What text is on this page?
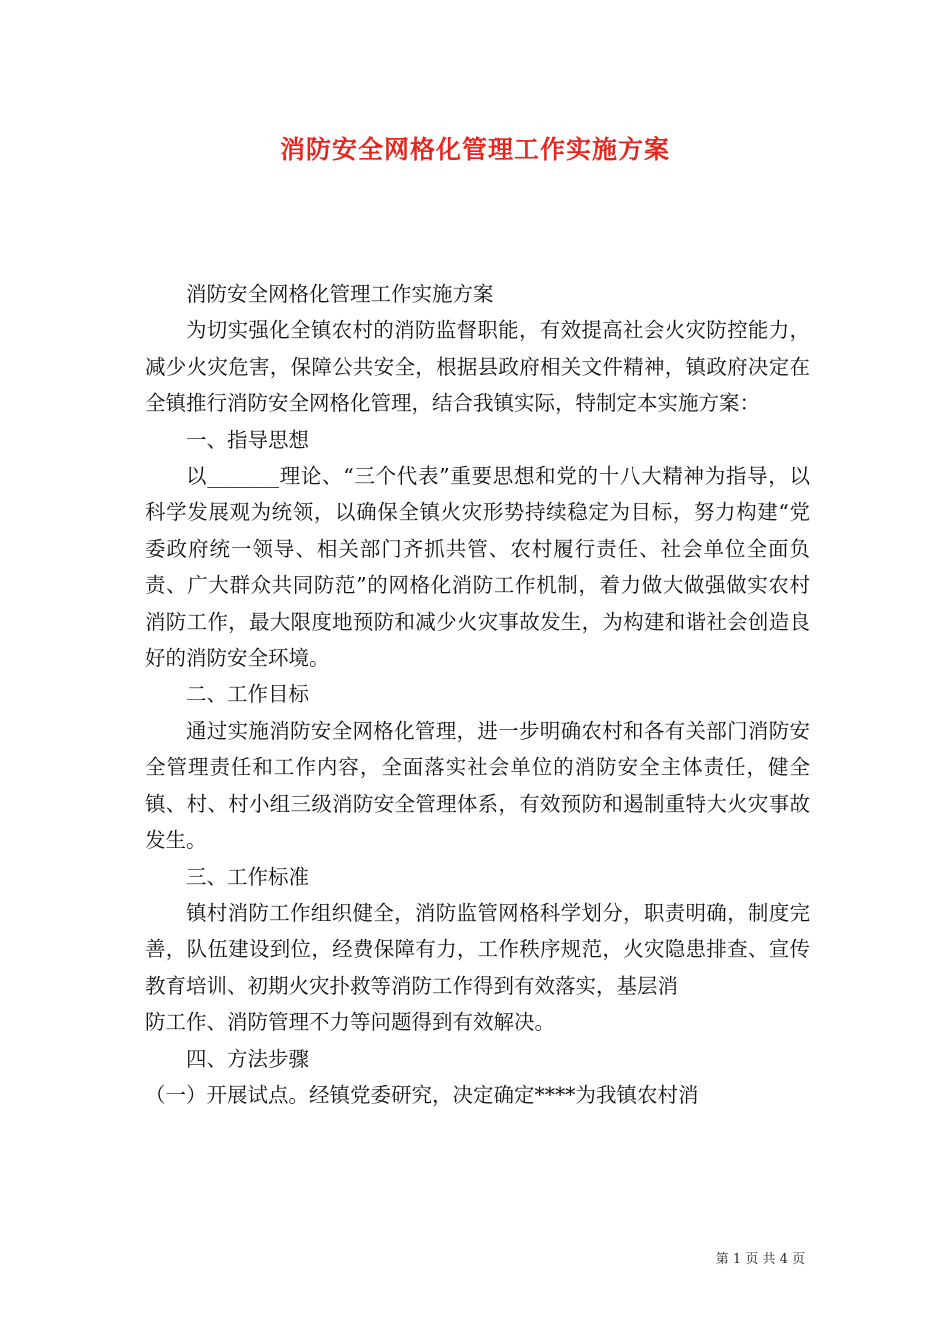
消防安全网格化管理工作实施方案

消防安全网格化管理工作实施方案

为切实强化全镇农村的消防监督职能，有效提高社会火灾防控能力，减少火灾危害，保障公共安全，根据县政府相关文件精神，镇政府决定在全镇推行消防安全网格化管理，结合我镇实际，特制定本实施方案：

一、指导思想

以_______理论、“三个代表”重要思想和党的十八大精神为指导，以科学发展观为统领，以确保全镇火灾形势持续稳定为目标，努力构建“党委政府统一领导、相关部门齐抓共管、农村履行责任、社会单位全面负责、广大群众共同防范”的网格化消防工作机制，着力做大做强做实农村消防工作，最大限度地预防和减少火灾事故发生，为构建和谐社会创造良好的消防安全环境。

二、工作目标

通过实施消防安全网格化管理，进一步明确农村和各有关部门消防安全管理责任和工作内容，全面落实社会单位的消防安全主体责任，健全镇、村、村小组三级消防安全管理体系，有效预防和遏制重特大火灾事故发生。

三、工作标准

镇村消防工作组织健全，消防监管网格科学划分，职责明确，制度完善，队伍建设到位，经费保障有力，工作秩序规范，火灾隐患排查、宣传教育培训、初期火灾扑救等消防工作得到有效落实，基层消

防工作、消防管理不力等问题得到有效解决。

四、方法步骤

（一）开展试点。经镇党委研究，决定确定****为我镇农村消

第 1 页 共 4 页
